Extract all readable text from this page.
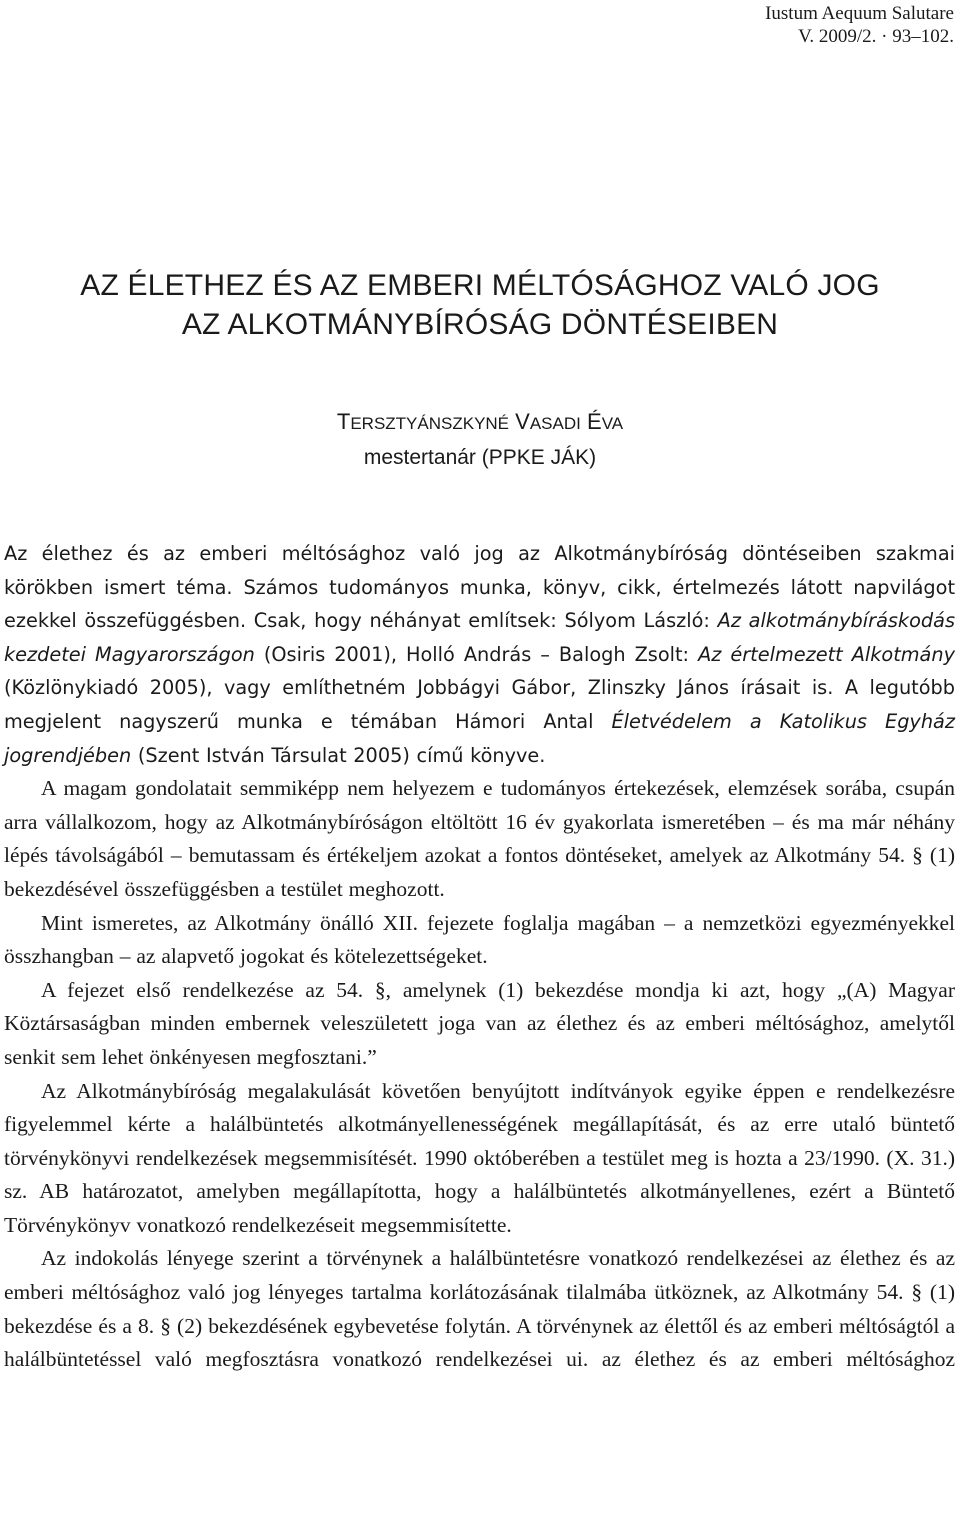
Iustum Aequum Salutare
V. 2009/2. · 93–102.
AZ ÉLETHEZ ÉS AZ EMBERI MÉLTÓSÁGHOZ VALÓ JOG
AZ ALKOTMÁNYBÍRÓSÁG DÖNTÉSEIBEN
TERSZTYÁNSZKYNÉ VASADI ÉVA
mestertanár (PPKE JÁK)

Az élethez és az emberi méltósághoz való jog az Alkotmánybíróság döntéseiben szakmai körökben ismert téma. Számos tudományos munka, könyv, cikk, értelmezés látott napvilágot ezekkel összefüggésben. Csak, hogy néhányat említsek: Sólyom László: Az alkotmánybíráskodás kezdetei Magyarországon (Osiris 2001), Holló András – Balogh Zsolt: Az értelmezett Alkotmány (Közlönykiadó 2005), vagy említhetném Jobbágyi Gábor, Zlinszky János írásait is. A legutóbb megjelent nagyszerű munka e témában Hámori Antal Életvédelem a Katolikus Egyház jogrendjében (Szent István Társulat 2005) című könyve.

A magam gondolatait semmiképp nem helyezem e tudományos értekezések, elemzések sorába, csupán arra vállalkozom, hogy az Alkotmánybíróságon eltöltött 16 év gyakorlata ismeretében – és ma már néhány lépés távolságából – bemutassam és értékeljem azokat a fontos döntéseket, amelyek az Alkotmány 54. § (1) bekezdésével összefüggésben a testület meghozott.

Mint ismeretes, az Alkotmány önálló XII. fejezete foglalja magában – a nemzetközi egyezményekkel összhangban – az alapvető jogokat és kötelezettségeket.

A fejezet első rendelkezése az 54. §, amelynek (1) bekezdése mondja ki azt, hogy „(A) Magyar Köztársaságban minden embernek veleszületett joga van az élethez és az emberi méltósághoz, amelytől senkit sem lehet önkényesen megfosztani.”

Az Alkotmánybíróság megalakulását követően benyújtott indítványok egyike éppen e rendelkezésre figyelemmel kérte a halálbüntetés alkotmányellenességének megállapítását, és az erre utaló büntető törvénykönyvi rendelkezések megsemmisítését. 1990 októberében a testület meg is hozta a 23/1990. (X. 31.) sz. AB határozatot, amelyben megállapította, hogy a halálbüntetés alkotmányellenes, ezért a Büntető Törvénykönyv vonatkozó rendelkezéseit megsemmisítette.

Az indokolás lényege szerint a törvénynek a halálbüntetésre vonatkozó rendelkezései az élethez és az emberi méltósághoz való jog lényeges tartalma korlátozásának tilalmába ütköznek, az Alkotmány 54. § (1) bekezdése és a 8. § (2) bekezdésének egybevetése folytán. A törvénynek az élettől és az emberi méltóságtól a halálbüntetéssel való megfosztásra vonatkozó rendelkezései ui. az élethez és az emberi méltósághoz
